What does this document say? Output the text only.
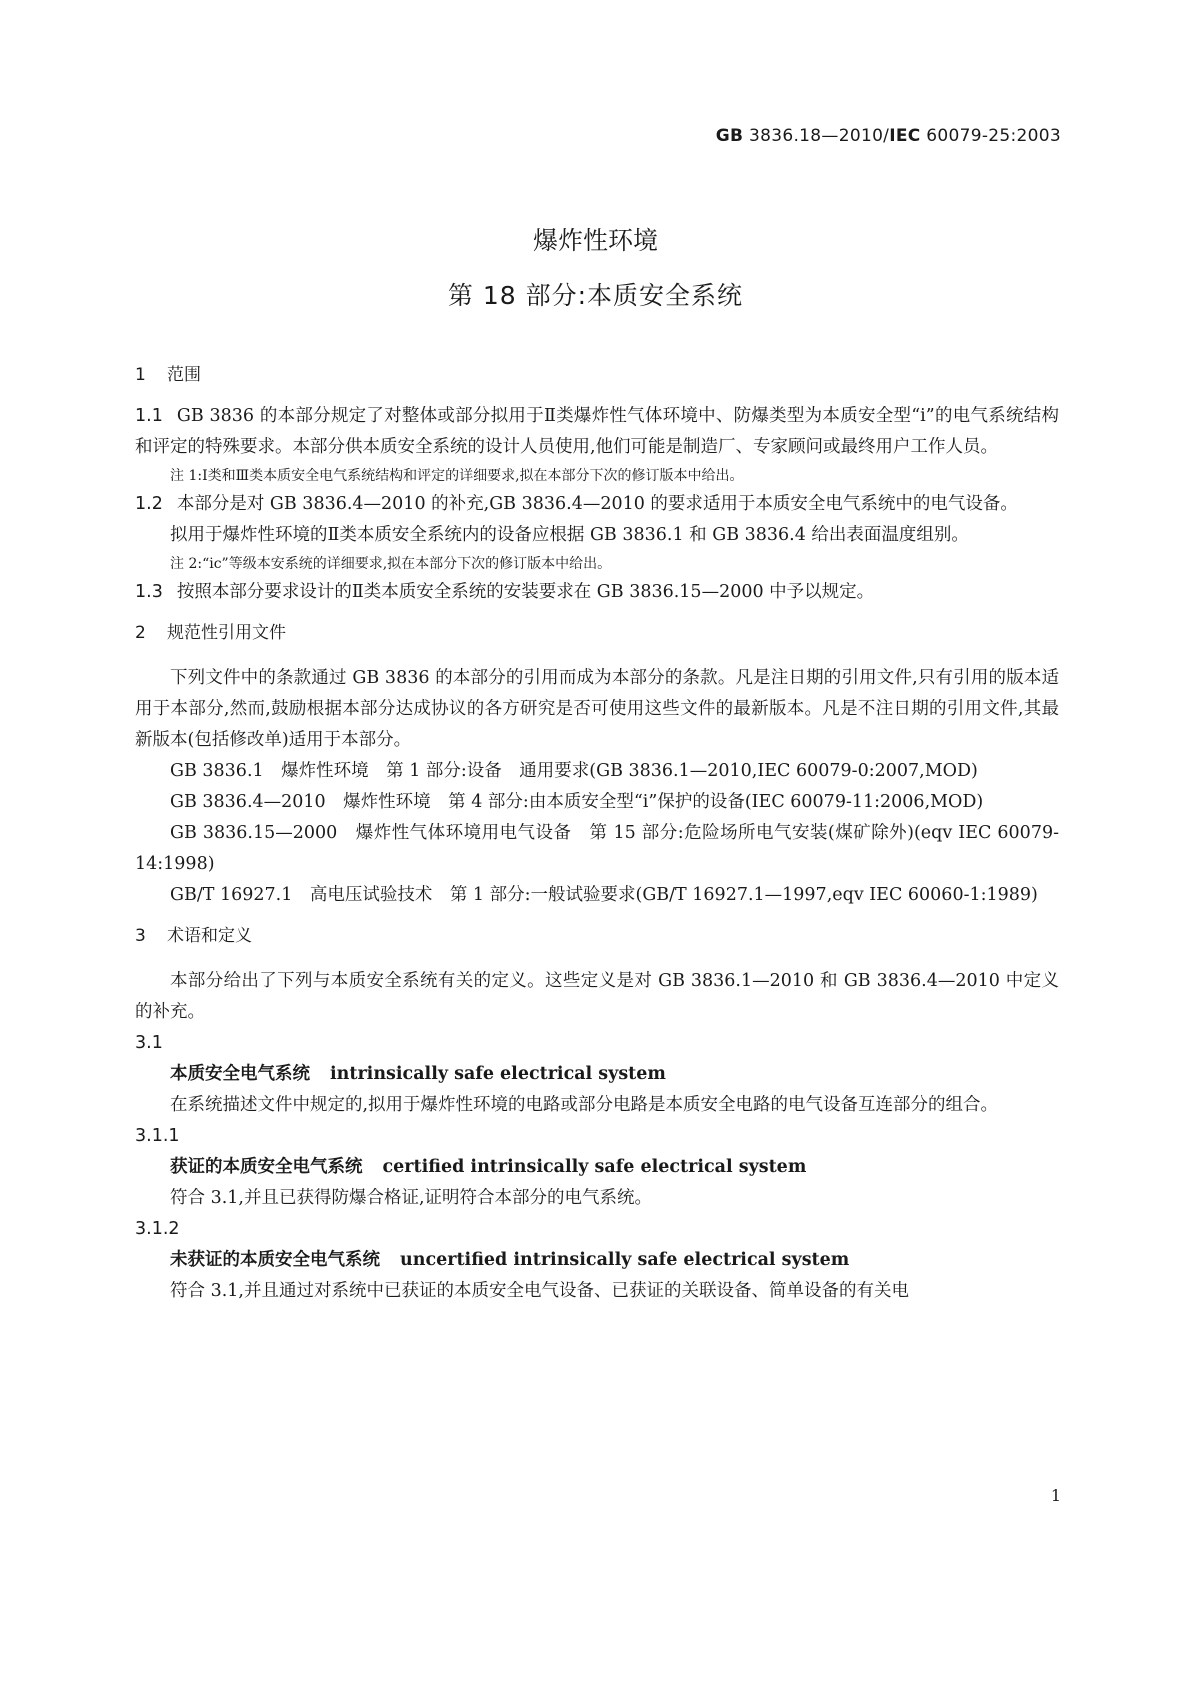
GB 3836.18—2010/IEC 60079-25:2003
爆炸性环境
第 18 部分:本质安全系统

1 范围

1.1 GB 3836 的本部分规定了对整体或部分拟用于Ⅱ类爆炸性气体环境中、防爆类型为本质安全型“i”的电气系统结构和评定的特殊要求。本部分供本质安全系统的设计人员使用,他们可能是制造厂、专家顾问或最终用户工作人员。

注 1:Ⅰ类和Ⅲ类本质安全电气系统结构和评定的详细要求,拟在本部分下次的修订版本中给出。

1.2 本部分是对 GB 3836.4—2010 的补充,GB 3836.4—2010 的要求适用于本质安全电气系统中的电气设备。

拟用于爆炸性环境的Ⅱ类本质安全系统内的设备应根据 GB 3836.1 和 GB 3836.4 给出表面温度组别。

注 2:“ic”等级本安系统的详细要求,拟在本部分下次的修订版本中给出。

1.3 按照本部分要求设计的Ⅱ类本质安全系统的安装要求在 GB 3836.15—2000 中予以规定。

2 规范性引用文件

下列文件中的条款通过 GB 3836 的本部分的引用而成为本部分的条款。凡是注日期的引用文件,只有引用的版本适用于本部分,然而,鼓励根据本部分达成协议的各方研究是否可使用这些文件的最新版本。凡是不注日期的引用文件,其最新版本(包括修改单)适用于本部分。

GB 3836.1　爆炸性环境　第 1 部分:设备　通用要求(GB 3836.1—2010,IEC 60079-0:2007,MOD)

GB 3836.4—2010　爆炸性环境　第 4 部分:由本质安全型“i”保护的设备(IEC 60079-11:2006,MOD)

GB 3836.15—2000　爆炸性气体环境用电气设备　第 15 部分:危险场所电气安装(煤矿除外)(eqv IEC 60079-14:1998)

GB/T 16927.1　高电压试验技术　第 1 部分:一般试验要求(GB/T 16927.1—1997,eqv IEC 60060-1:1989)

3 术语和定义

本部分给出了下列与本质安全系统有关的定义。这些定义是对 GB 3836.1—2010 和 GB 3836.4—2010 中定义的补充。

3.1

本质安全电气系统 intrinsically safe electrical system

在系统描述文件中规定的,拟用于爆炸性环境的电路或部分电路是本质安全电路的电气设备互连部分的组合。

3.1.1

获证的本质安全电气系统 certified intrinsically safe electrical system

符合 3.1,并且已获得防爆合格证,证明符合本部分的电气系统。

3.1.2

未获证的本质安全电气系统 uncertified intrinsically safe electrical system

符合 3.1,并且通过对系统中已获证的本质安全电气设备、已获证的关联设备、简单设备的有关电

1
